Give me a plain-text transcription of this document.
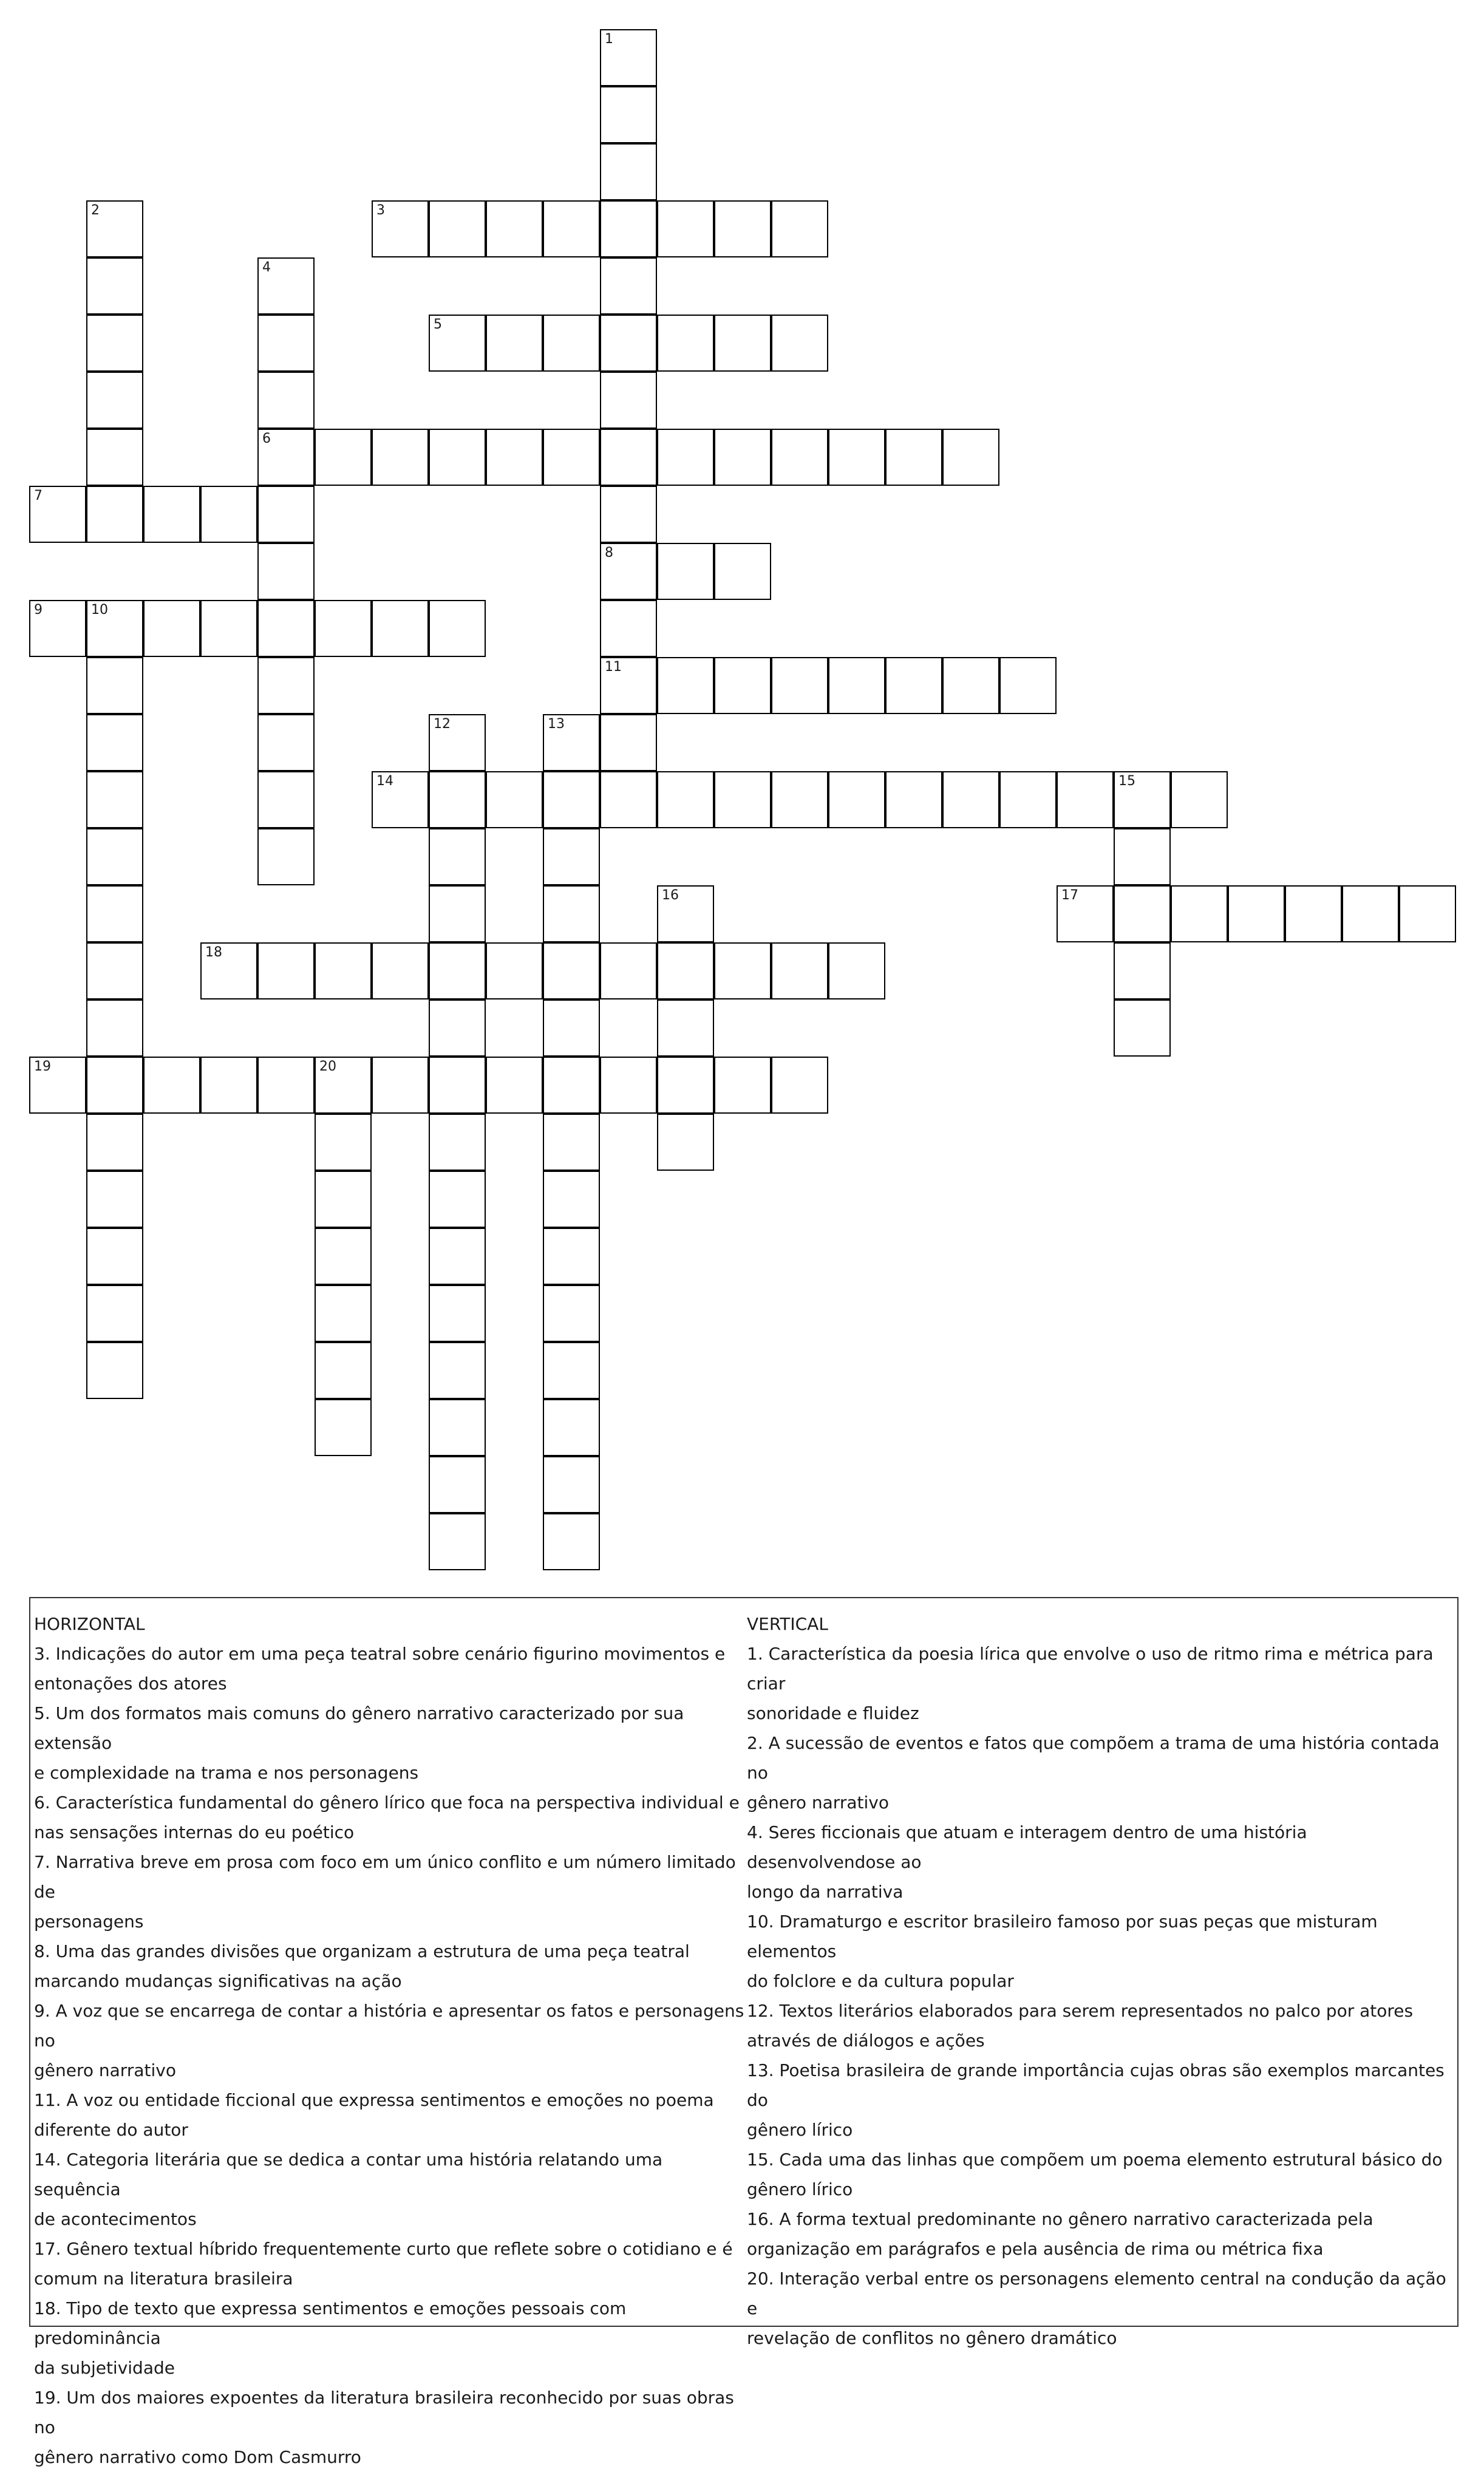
1
8
11
2	3
4
6
5
7
9	10
12	13
14	15
16	17
18
19	20
HORIZONTAL
3. Indicações do autor em uma peça teatral sobre cenário figurino movimentos e
entonações dos atores
5. Um dos formatos mais comuns do gênero narrativo caracterizado por sua extensão
e complexidade na trama e nos personagens
6. Característica fundamental do gênero lírico que foca na perspectiva individual e
nas sensações internas do eu poético
7. Narrativa breve em prosa com foco em um único conflito e um número limitado de
personagens
8. Uma das grandes divisões que organizam a estrutura de uma peça teatral
marcando mudanças significativas na ação
9. A voz que se encarrega de contar a história e apresentar os fatos e personagens no
gênero narrativo
11. A voz ou entidade ficcional que expressa sentimentos e emoções no poema
diferente do autor
14. Categoria literária que se dedica a contar uma história relatando uma sequência
de acontecimentos
17. Gênero textual híbrido frequentemente curto que reflete sobre o cotidiano e é
comum na literatura brasileira
18. Tipo de texto que expressa sentimentos e emoções pessoais com predominância
da subjetividade
19. Um dos maiores expoentes da literatura brasileira reconhecido por suas obras no
gênero narrativo como Dom Casmurro
VERTICAL
1. Característica da poesia lírica que envolve o uso de ritmo rima e métrica para criar
sonoridade e fluidez
2. A sucessão de eventos e fatos que compõem a trama de uma história contada no
gênero narrativo
4. Seres ficcionais que atuam e interagem dentro de uma história desenvolvendose ao
longo da narrativa
10. Dramaturgo e escritor brasileiro famoso por suas peças que misturam elementos
do folclore e da cultura popular
12. Textos literários elaborados para serem representados no palco por atores
através de diálogos e ações
13. Poetisa brasileira de grande importância cujas obras são exemplos marcantes do
gênero lírico
15. Cada uma das linhas que compõem um poema elemento estrutural básico do
gênero lírico
16. A forma textual predominante no gênero narrativo caracterizada pela
organização em parágrafos e pela ausência de rima ou métrica fixa
20. Interação verbal entre os personagens elemento central na condução da ação e
revelação de conflitos no gênero dramático
